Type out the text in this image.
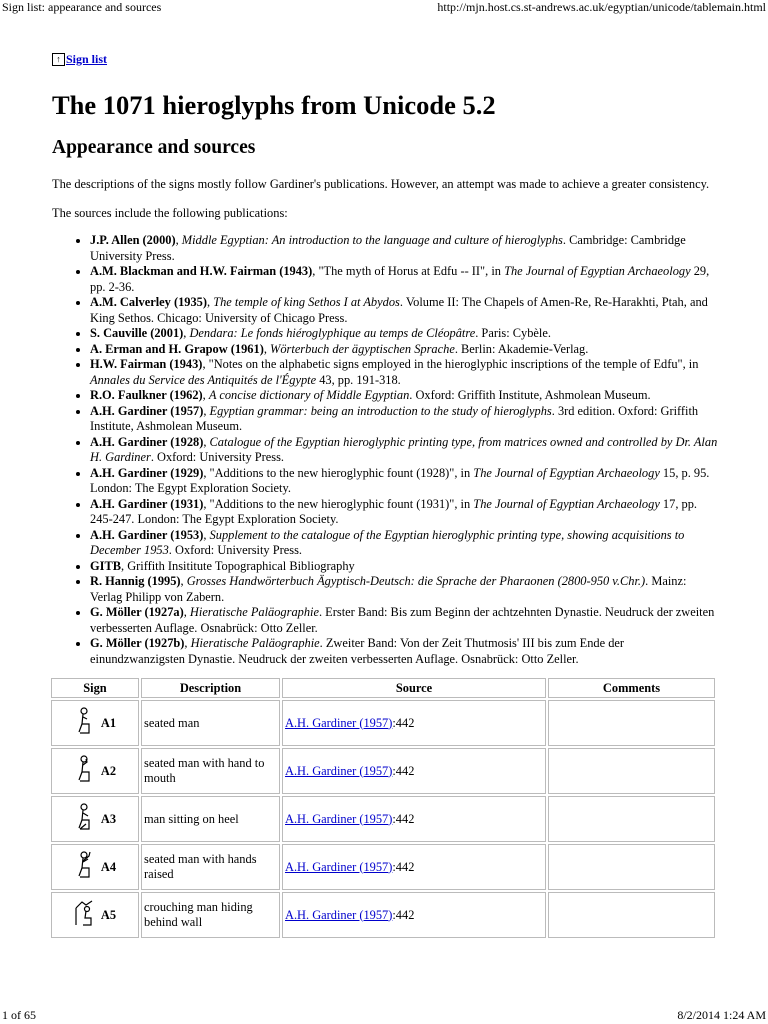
Sign list: appearance and sources	http://mjn.host.cs.st-andrews.ac.uk/egyptian/unicode/tablemain.html
↑ Sign list
The 1071 hieroglyphs from Unicode 5.2
Appearance and sources

The descriptions of the signs mostly follow Gardiner's publications. However, an attempt was made to achieve a greater consistency.

The sources include the following publications:

• J.P. Allen (2000), Middle Egyptian: An introduction to the language and culture of hieroglyphs. Cambridge: Cambridge University Press.
• A.M. Blackman and H.W. Fairman (1943), "The myth of Horus at Edfu -- II", in The Journal of Egyptian Archaeology 29, pp. 2-36.
• A.M. Calverley (1935), The temple of king Sethos I at Abydos. Volume II: The Chapels of Amen-Re, Re-Harakhti, Ptah, and King Sethos. Chicago: University of Chicago Press.
• S. Cauville (2001), Dendara: Le fonds hiéroglyphique au temps de Cléopâtre. Paris: Cybèle.
• A. Erman and H. Grapow (1961), Wörterbuch der ägyptischen Sprache. Berlin: Akademie-Verlag.
• H.W. Fairman (1943), "Notes on the alphabetic signs employed in the hieroglyphic inscriptions of the temple of Edfu", in Annales du Service des Antiquités de l'Égypte 43, pp. 191-318.
• R.O. Faulkner (1962), A concise dictionary of Middle Egyptian. Oxford: Griffith Institute, Ashmolean Museum.
• A.H. Gardiner (1957), Egyptian grammar: being an introduction to the study of hieroglyphs. 3rd edition. Oxford: Griffith Institute, Ashmolean Museum.
• A.H. Gardiner (1928), Catalogue of the Egyptian hieroglyphic printing type, from matrices owned and controlled by Dr. Alan H. Gardiner. Oxford: University Press.
• A.H. Gardiner (1929), "Additions to the new hieroglyphic fount (1928)", in The Journal of Egyptian Archaeology 15, p. 95. London: The Egypt Exploration Society.
• A.H. Gardiner (1931), "Additions to the new hieroglyphic fount (1931)", in The Journal of Egyptian Archaeology 17, pp. 245-247. London: The Egypt Exploration Society.
• A.H. Gardiner (1953), Supplement to the catalogue of the Egyptian hieroglyphic printing type, showing acquisitions to December 1953. Oxford: University Press.
• GITB, Griffith Insititute Topographical Bibliography
• R. Hannig (1995), Grosses Handwörterbuch Ägyptisch-Deutsch: die Sprache der Pharaonen (2800-950 v.Chr.). Mainz: Verlag Philipp von Zabern.
• G. Möller (1927a), Hieratische Paläographie. Erster Band: Bis zum Beginn der achtzehnten Dynastie. Neudruck der zweiten verbesserten Auflage. Osnabrück: Otto Zeller.
• G. Möller (1927b), Hieratische Paläographie. Zweiter Band: Von der Zeit Thutmosis' III bis zum Ende der einundzwanzigsten Dynastie. Neudruck der zweiten verbesserten Auflage. Osnabrück: Otto Zeller.
Sign	Description	Source	Comments

A1	seated man	A.H. Gardiner (1957):442	

A2	seated man with hand to mouth	A.H. Gardiner (1957):442	

A3	man sitting on heel	A.H. Gardiner (1957):442	

A4	seated man with hands raised	A.H. Gardiner (1957):442	

A5	crouching man hiding behind wall	A.H. Gardiner (1957):442	
1 of 65	8/2/2014 1:24 AM
